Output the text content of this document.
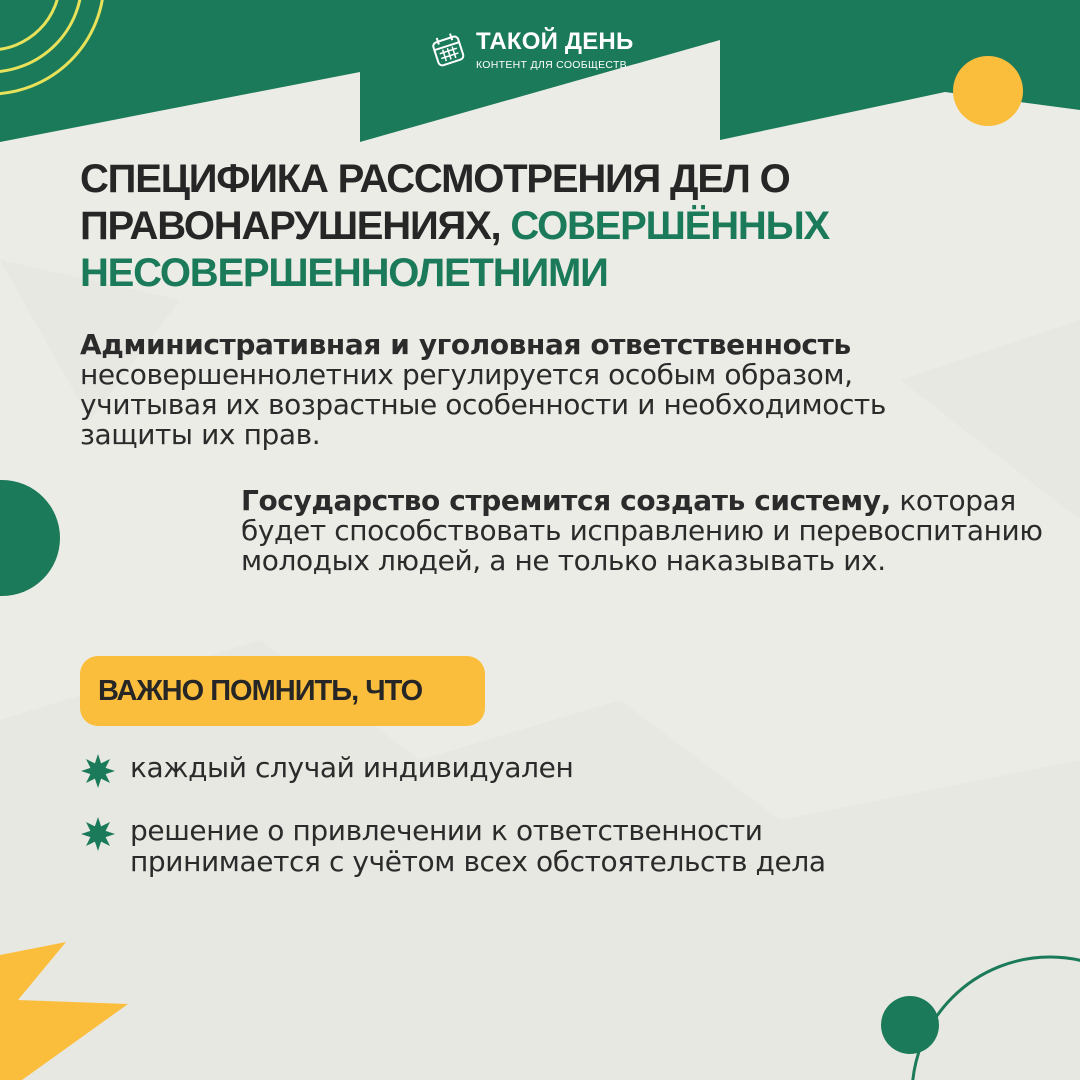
ТАКОЙ ДЕНЬ
КОНТЕНТ ДЛЯ СООБЩЕСТВ
СПЕЦИФИКА РАССМОТРЕНИЯ ДЕЛ О ПРАВОНАРУШЕНИЯХ, СОВЕРШЁННЫХ НЕСОВЕРШЕННОЛЕТНИМИ

Административная и уголовная ответственность несовершеннолетних регулируется особым образом, учитывая их возрастные особенности и необходимость защиты их прав.

Государство стремится создать систему, которая будет способствовать исправлению и перевоспитанию молодых людей, а не только наказывать их.

ВАЖНО ПОМНИТЬ, ЧТО
каждый случай индивидуален
решение о привлечении к ответственности принимается с учётом всех обстоятельств дела
